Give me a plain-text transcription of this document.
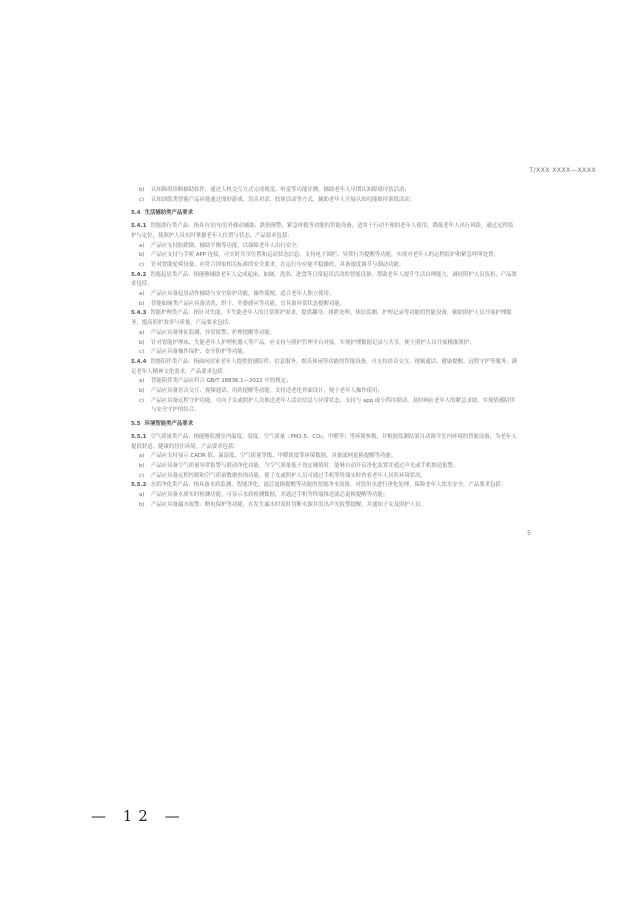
T/XXX XXXX—XXXX
b) 认知障碍诊断辅助软件，通过人机交互方式完成视觉、听觉等功能评测，辅助老年人早期认知障碍评估活动；
c) 认知训练类智能产品应能通过图形游戏、语音对话、肢体活动等方式，辅助老年人开展认知功能维持训练活动。
5.4 生活辅助类产品要求
5.4.1 智能助行类产品：指具有室内/室外移动辅助、跌倒预警、紧急呼救等功能的智能设备，适用于行动不便的老年人使用，降低老年人出行风险。通过远程监护与定位，使照护人员实时掌握老年人位置与状态，产品要求包括：
a) 产品应支持防跌倒、辅助平衡等功能，以保障老年人出行安全；
b) 产品应支持与手机 APP 连接，可实时共享位置和运动状态信息，支持电子围栏、异常行为提醒等功能，实现对老年人的远程监护和紧急呼叫处置；
c) 针对智能轮椅设备，应符合国家相关标准的安全要求，在运行中应能平稳操控，具备速度调节与制动功能。
5.4.2 智能起居类产品：指能够辅助老年人完成起床、如厕、洗浴、进食等日常起居活动的智能设备，帮助老年人提升生活自理能力，减轻照护人员负担，产品要求包括：
a) 产品应具备起居动作辅助与安全防护功能，操作简便，适合老年人独立使用；
b) 智能如厕类产品应具备清洗、烘干、坐姿感应等功能，宜具备异常状态提醒功能。
5.4.3 智能护理类产品：指针对失能、半失能老年人的日常照护需求，提供翻身、排泄处理、体征监测、护理记录等功能的智能设备，辅助照护人员开展护理服务，提高照护效率与质量，产品要求包括：
a) 产品应具备体征监测、异常报警、护理提醒等功能；
b) 针对智能护理床、失能老年人护理机器人等产品，应支持与照护管理平台对接，实现护理数据记录与共享，便于照护人员开展精准照护；
c) 产品应具备操作保护、安全防护等功能。
5.4.4 智能陪伴类产品：指面向居家老年人提供情感陪伴、信息服务、娱乐休闲等功能的智能设备，可支持语音交互、视频通话、健康提醒、远程守护等服务，满足老年人精神文化需求，产品要求包括：
a) 智能陪伴类产品应符合 GB/T 18836.1—2022 中的规定；
b) 产品应具备语音交互、视频通话、用药提醒等功能，支持适老化界面设计，便于老年人操作使用；
c) 产品应具备远程守护功能，可向子女或照护人员推送老年人活动信息与异常状态，支持与 app 或小程序联动，及时响应老年人的紧急求助，实现情感陪伴与安全守护的结合。
5.5 环境智能类产品要求
5.5.1 空气质量类产品：指能够监测室内温度、湿度、空气质量（PM2.5、CO₂、甲醛等）等环境参数，并根据监测结果自动调节室内环境的智能设备，为老年人提供舒适、健康的居住环境，产品要求包括：
a) 产品应支持显示 CADR 值、温湿度、空气质量等级、甲醛浓度等环境数据，具备滤网更换提醒等功能；
b) 产品应具备空气质量异常报警与联动净化功能，当空气质量低于设定阈值时，能够自动开启净化装置并通过声光或手机推送报警；
c) 产品应具备远程控制和空气质量数据查询功能，使子女或照护人员可通过手机等终端实时查看老年人居所环境状况。
5.5.2 水质净化类产品：指具备水质监测、智能净化、滤芯更换提醒等功能的智能净水设备，对饮用水进行净化处理，保障老年人饮水安全，产品要求包括：
a) 产品应具备水质实时检测功能，可显示水质检测数据，并通过手机等终端推送滤芯更换提醒等功能；
b) 产品应具备漏水报警、断电保护等功能，在发生漏水时及时切断水源并发出声光报警提醒，并通知子女及照护人员。
5
— 12 —
